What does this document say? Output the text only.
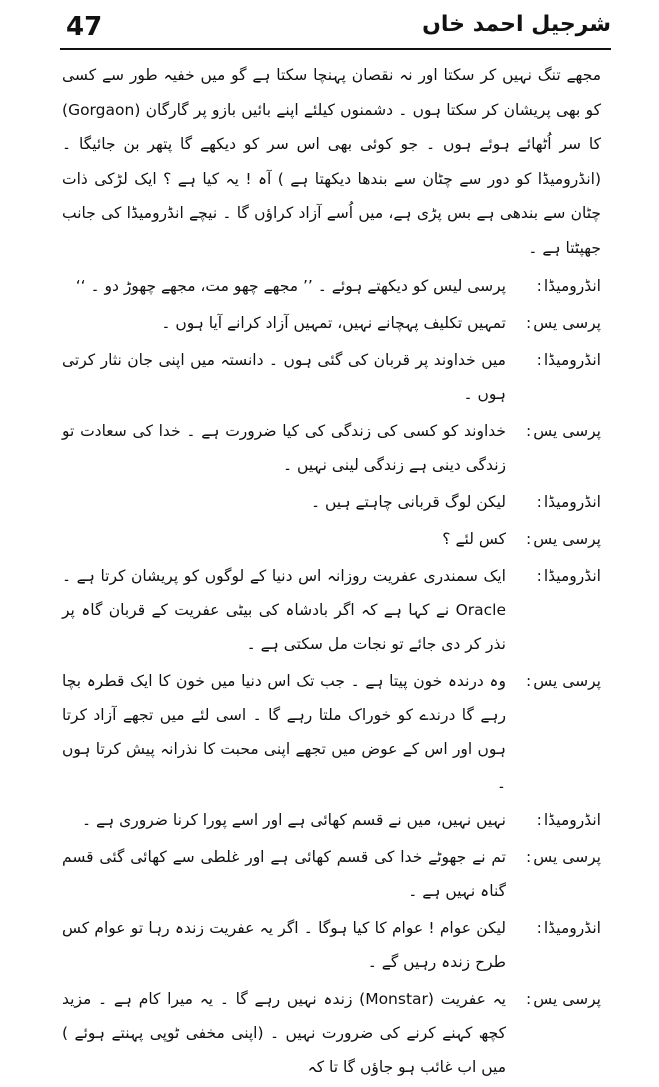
47	شرجیل احمد خاں

مجھے تنگ نہیں کر سکتا اور نہ نقصان پہنچا سکتا ہے گو میں خفیہ طور سے کسی کو بھی پریشان کر سکتا ہوں ۔ دشمنوں کیلئے اپنے بائیں بازو پر گارگان (Gorgaon) کا سر اُٹھائے ہوئے ہوں ۔ جو کوئی بھی اس سر کو دیکھے گا پتھر بن جائیگا ۔ (انڈرومیڈا کو دور سے چٹان سے بندھا دیکھتا ہے ) آہ ! یہ کیا ہے ؟ ایک لڑکی ذات چٹان سے بندھی ہے بس پڑی ہے، میں اُسے آزاد کراؤں گا ۔ نیچے انڈرومیڈا کی جانب جھپٹتا ہے ۔

انڈرومیڈا:
پرسی لیس کو دیکھتے ہوئے ۔ ’’ مجھے چھو مت، مجھے چھوڑ دو ۔ ‘‘
پرسی یس:
تمہیں تکلیف پہچانے نہیں، تمہیں آزاد کرانے آیا ہوں ۔
انڈرومیڈا:
میں خداوند پر قربان کی گئی ہوں ۔ دانستہ میں اپنی جان نثار کرتی ہوں ۔
پرسی یس:
خداوند کو کسی کی زندگی کی کیا ضرورت ہے ۔ خدا کی سعادت تو زندگی دینی ہے زندگی لینی نہیں ۔
انڈرومیڈا:
لیکن لوگ قربانی چاہتے ہیں ۔
پرسی یس:
کس لئے ؟
انڈرومیڈا:
ایک سمندری عفریت روزانہ اس دنیا کے لوگوں کو پریشان کرتا ہے ۔ Oracle نے کہا ہے کہ اگر بادشاہ کی بیٹی عفریت کے قربان گاہ پر نذر کر دی جائے تو نجات مل سکتی ہے ۔
پرسی یس:
وہ درندہ خون پیتا ہے ۔ جب تک اس دنیا میں خون کا ایک قطرہ بچا رہے گا درندے کو خوراک ملتا رہے گا ۔ اسی لئے میں تجھے آزاد کرتا ہوں اور اس کے عوض میں تجھے اپنی محبت کا نذرانہ پیش کرتا ہوں ۔
انڈرومیڈا:
نہیں نہیں، میں نے قسم کھائی ہے اور اسے پورا کرنا ضروری ہے ۔
پرسی یس:
تم نے جھوٹے خدا کی قسم کھائی ہے اور غلطی سے کھائی گئی قسم گناہ نہیں ہے ۔
انڈرومیڈا:
لیکن عوام ! عوام کا کیا ہوگا ۔ اگر یہ عفریت زندہ رہا تو عوام کس طرح زندہ رہیں گے ۔
پرسی یس:
یہ عفریت (Monstar) زندہ نہیں رہے گا ۔ یہ میرا کام ہے ۔ مزید کچھ کہنے کرنے کی ضرورت نہیں ۔ (اپنی مخفی ٹوپی پہنتے ہوئے ) میں اب غائب ہو جاؤں گا تا کہ
